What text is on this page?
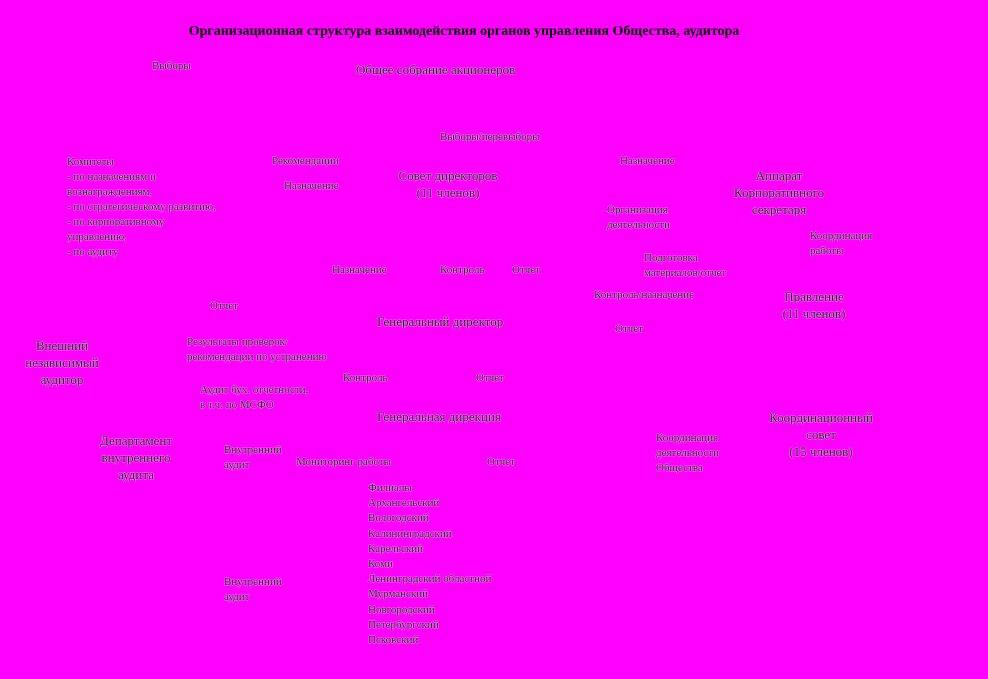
Организационная структура взаимодействия органов управления Общества, аудитора
Общее собрание акционеров
Совет директоров
(11 членов)
Аппарат
Корпоративного
секретаря
Генеральный директор
Правление
(11 членов)
Внешний
независимый
аудитор
Генеральная дирекция	Координационный
совет
(15 членов)
Департамент
внутреннего
аудита
Выборы
Выборы/перевыборы
Комитеты
- по назначениям и
вознаграждениям,
- по стратегическому развитию,
- по корпоративному
управлению,
- по аудиту
Рекомендации
Назначение
Назначение
Организация
деятельности
Координация
работы
Подготовка
материалов/отчет
Назначение	Контроль	Отчет
Отчет
Контроль/назначение
Отчет
Результаты проверок/
рекомендации по устранению
Аудит бух. отчетности,
в т.ч. по МСФО
Контроль	Отчет
Внутренний
аудит	Мониторинг работы	Отчет
Координация
деятельности
Общества
Внутренний
аудит
Филиалы
Архангельский
Вологодский
Калининградский
Карельский
Коми
Ленинградский областной
Мурманский
Новгородский
Петербургский
Псковский
